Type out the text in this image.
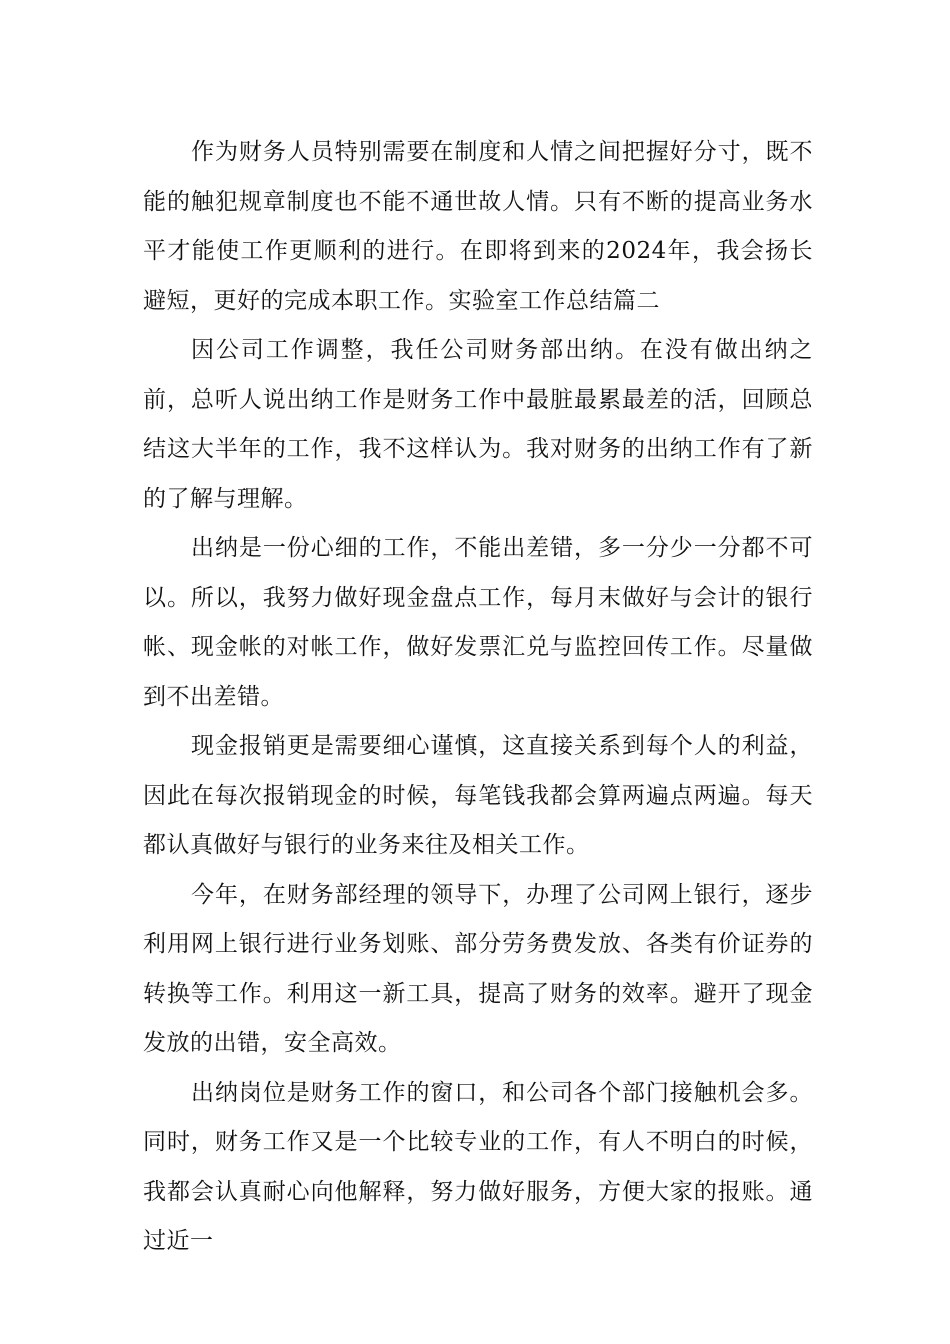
作为财务人员特别需要在制度和人情之间把握好分寸，既不能的触犯规章制度也不能不通世故人情。只有不断的提高业务水平才能使工作更顺利的进行。在即将到来的2024年，我会扬长避短，更好的完成本职工作。实验室工作总结篇二

因公司工作调整，我任公司财务部出纳。在没有做出纳之前，总听人说出纳工作是财务工作中最脏最累最差的活，回顾总结这大半年的工作，我不这样认为。我对财务的出纳工作有了新的了解与理解。

出纳是一份心细的工作，不能出差错，多一分少一分都不可以。所以，我努力做好现金盘点工作，每月末做好与会计的银行帐、现金帐的对帐工作，做好发票汇兑与监控回传工作。尽量做到不出差错。

现金报销更是需要细心谨慎，这直接关系到每个人的利益，因此在每次报销现金的时候，每笔钱我都会算两遍点两遍。每天都认真做好与银行的业务来往及相关工作。

今年，在财务部经理的领导下，办理了公司网上银行，逐步利用网上银行进行业务划账、部分劳务费发放、各类有价证券的转换等工作。利用这一新工具，提高了财务的效率。避开了现金发放的出错，安全高效。

出纳岗位是财务工作的窗口，和公司各个部门接触机会多。同时，财务工作又是一个比较专业的工作，有人不明白的时候，我都会认真耐心向他解释，努力做好服务，方便大家的报账。通过近一
